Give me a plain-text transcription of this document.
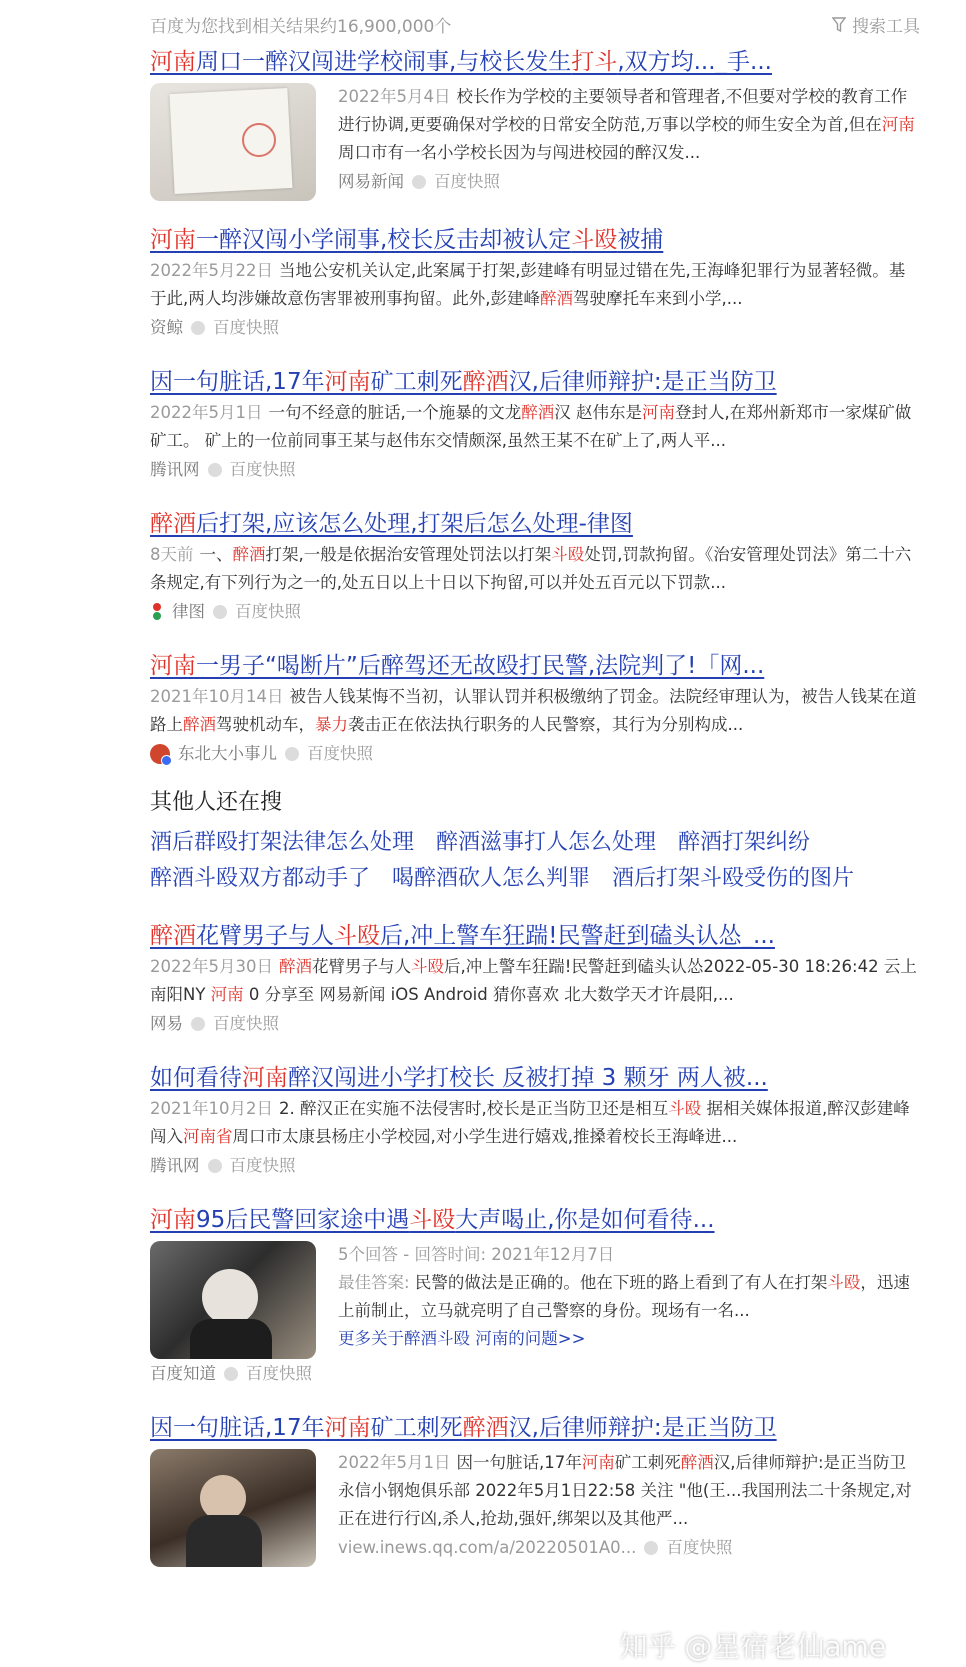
百度为您找到相关结果约16,900,000个	搜索工具
河南周口一醉汉闯进学校闹事,与校长发生打斗,双方均..._手...
2022年5月4日 校长作为学校的主要领导者和管理者,不但要对学校的教育工作进行协调,更要确保对学校的日常安全防范,万事以学校的师生安全为首,但在河南周口市有一名小学校长因为与闯进校园的醉汉发...
网易新闻 百度快照
河南一醉汉闯小学闹事,校长反击却被认定斗殴被捕
2022年5月22日 当地公安机关认定,此案属于打架,彭建峰有明显过错在先,王海峰犯罪行为显著轻微。基于此,两人均涉嫌故意伤害罪被刑事拘留。此外,彭建峰醉酒驾驶摩托车来到小学,...
资鲸 百度快照
因一句脏话,17年河南矿工刺死醉酒汉,后律师辩护:是正当防卫
2022年5月1日 一句不经意的脏话,一个施暴的文龙醉酒汉 赵伟东是河南登封人,在郑州新郑市一家煤矿做矿工。 矿上的一位前同事王某与赵伟东交情颇深,虽然王某不在矿上了,两人平...
腾讯网 百度快照
醉酒后打架,应该怎么处理,打架后怎么处理-律图
8天前 一、醉酒打架,一般是依据治安管理处罚法以打架斗殴处罚,罚款拘留。《治安管理处罚法》第二十六条规定,有下列行为之一的,处五日以上十日以下拘留,可以并处五百元以下罚款...
律图 百度快照
河南一男子“喝断片”后醉驾还无故殴打民警,法院判了!「网...
2021年10月14日 被告人钱某悔不当初，认罪认罚并积极缴纳了罚金。法院经审理认为，被告人钱某在道路上醉酒驾驶机动车，暴力袭击正在依法执行职务的人民警察，其行为分别构成...
东北大小事儿 百度快照
其他人还在搜
酒后群殴打架法律怎么处理 醉酒滋事打人怎么处理 醉酒打架纠纷
醉酒斗殴双方都动手了 喝醉酒砍人怎么判罪 酒后打架斗殴受伤的图片
醉酒花臂男子与人斗殴后,冲上警车狂踹!民警赶到磕头认怂_...
2022年5月30日 醉酒花臂男子与人斗殴后,冲上警车狂踹!民警赶到磕头认怂2022-05-30 18:26:42 云上南阳NY 河南 0 分享至 网易新闻 iOS Android 猜你喜欢 北大数学天才许晨阳,...
网易 百度快照
如何看待河南醉汉闯进小学打校长 反被打掉 3 颗牙 两人被...
2021年10月2日 2. 醉汉正在实施不法侵害时,校长是正当防卫还是相互斗殴 据相关媒体报道,醉汉彭建峰闯入河南省周口市太康县杨庄小学校园,对小学生进行嬉戏,推搡着校长王海峰进...
腾讯网 百度快照
河南95后民警回家途中遇斗殴大声喝止,你是如何看待...
5个回答 - 回答时间: 2021年12月7日
最佳答案: 民警的做法是正确的。他在下班的路上看到了有人在打架斗殴，迅速上前制止，立马就亮明了自己警察的身份。现场有一名...
更多关于醉酒斗殴 河南的问题>>
百度知道 百度快照
因一句脏话,17年河南矿工刺死醉酒汉,后律师辩护:是正当防卫
2022年5月1日 因一句脏话,17年河南矿工刺死醉酒汉,后律师辩护:是正当防卫 永信小钢炮俱乐部 2022年5月1日22:58 关注 "他(王...我国刑法二十条规定,对正在进行行凶,杀人,抢劫,强奸,绑架以及其他严...
view.inews.qq.com/a/20220501A0... 百度快照
知乎 @星宿老仙ame
